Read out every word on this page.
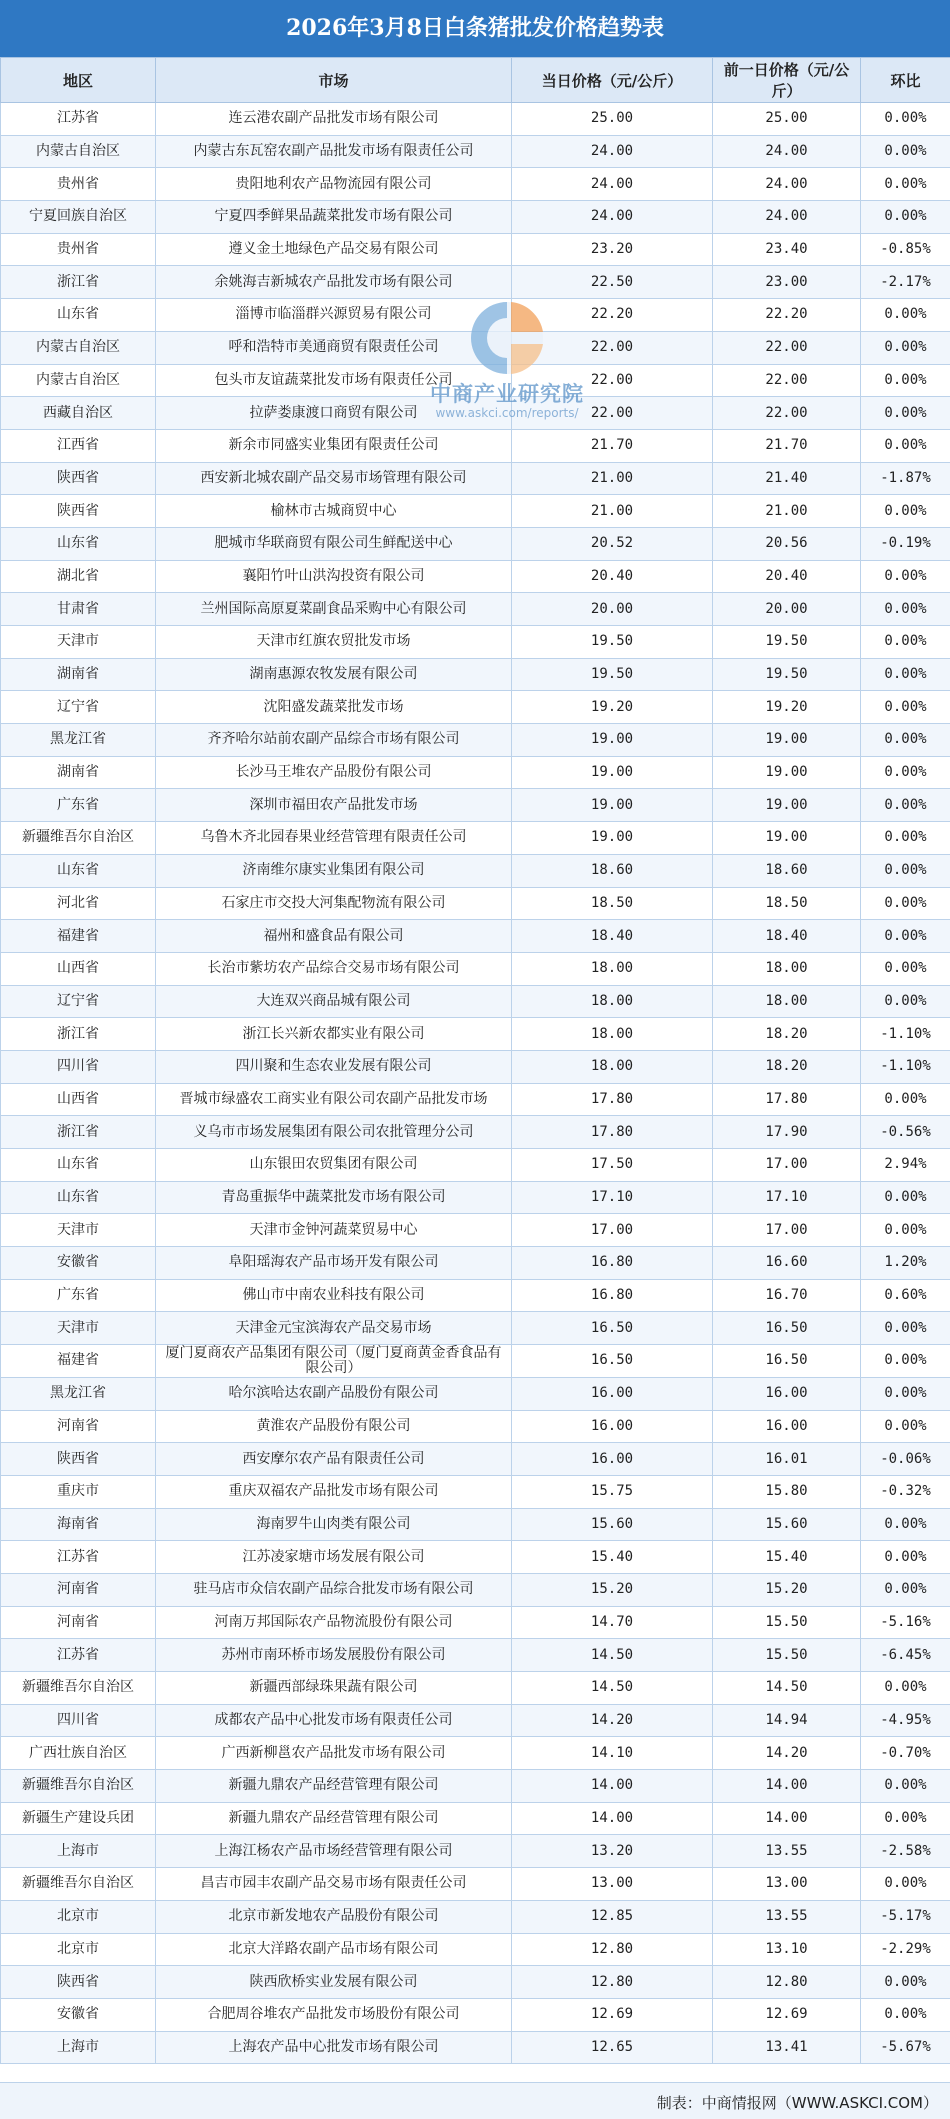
2026年3月8日白条猪批发价格趋势表
地区	市场	当日价格（元/公斤）	前一日价格（元/公斤）	环比
江苏省	连云港农副产品批发市场有限公司	25.00	25.00	0.00%
内蒙古自治区	内蒙古东瓦窑农副产品批发市场有限责任公司	24.00	24.00	0.00%
贵州省	贵阳地利农产品物流园有限公司	24.00	24.00	0.00%
宁夏回族自治区	宁夏四季鲜果品蔬菜批发市场有限公司	24.00	24.00	0.00%
贵州省	遵义金土地绿色产品交易有限公司	23.20	23.40	-0.85%
浙江省	余姚海吉新城农产品批发市场有限公司	22.50	23.00	-2.17%
山东省	淄博市临淄群兴源贸易有限公司	22.20	22.20	0.00%
内蒙古自治区	呼和浩特市美通商贸有限责任公司	22.00	22.00	0.00%
内蒙古自治区	包头市友谊蔬菜批发市场有限责任公司	22.00	22.00	0.00%
西藏自治区	拉萨娄康渡口商贸有限公司	22.00	22.00	0.00%
江西省	新余市同盛实业集团有限责任公司	21.70	21.70	0.00%
陕西省	西安新北城农副产品交易市场管理有限公司	21.00	21.40	-1.87%
陕西省	榆林市古城商贸中心	21.00	21.00	0.00%
山东省	肥城市华联商贸有限公司生鲜配送中心	20.52	20.56	-0.19%
湖北省	襄阳竹叶山洪沟投资有限公司	20.40	20.40	0.00%
甘肃省	兰州国际高原夏菜副食品采购中心有限公司	20.00	20.00	0.00%
天津市	天津市红旗农贸批发市场	19.50	19.50	0.00%
湖南省	湖南惠源农牧发展有限公司	19.50	19.50	0.00%
辽宁省	沈阳盛发蔬菜批发市场	19.20	19.20	0.00%
黑龙江省	齐齐哈尔站前农副产品综合市场有限公司	19.00	19.00	0.00%
湖南省	长沙马王堆农产品股份有限公司	19.00	19.00	0.00%
广东省	深圳市福田农产品批发市场	19.00	19.00	0.00%
新疆维吾尔自治区	乌鲁木齐北园春果业经营管理有限责任公司	19.00	19.00	0.00%
山东省	济南维尔康实业集团有限公司	18.60	18.60	0.00%
河北省	石家庄市交投大河集配物流有限公司	18.50	18.50	0.00%
福建省	福州和盛食品有限公司	18.40	18.40	0.00%
山西省	长治市紫坊农产品综合交易市场有限公司	18.00	18.00	0.00%
辽宁省	大连双兴商品城有限公司	18.00	18.00	0.00%
浙江省	浙江长兴新农都实业有限公司	18.00	18.20	-1.10%
四川省	四川聚和生态农业发展有限公司	18.00	18.20	-1.10%
山西省	晋城市绿盛农工商实业有限公司农副产品批发市场	17.80	17.80	0.00%
浙江省	义乌市市场发展集团有限公司农批管理分公司	17.80	17.90	-0.56%
山东省	山东银田农贸集团有限公司	17.50	17.00	2.94%
山东省	青岛重振华中蔬菜批发市场有限公司	17.10	17.10	0.00%
天津市	天津市金钟河蔬菜贸易中心	17.00	17.00	0.00%
安徽省	阜阳瑶海农产品市场开发有限公司	16.80	16.60	1.20%
广东省	佛山市中南农业科技有限公司	16.80	16.70	0.60%
天津市	天津金元宝滨海农产品交易市场	16.50	16.50	0.00%
福建省	厦门夏商农产品集团有限公司（厦门夏商黄金香食品有限公司）	16.50	16.50	0.00%
黑龙江省	哈尔滨哈达农副产品股份有限公司	16.00	16.00	0.00%
河南省	黄淮农产品股份有限公司	16.00	16.00	0.00%
陕西省	西安摩尔农产品有限责任公司	16.00	16.01	-0.06%
重庆市	重庆双福农产品批发市场有限公司	15.75	15.80	-0.32%
海南省	海南罗牛山肉类有限公司	15.60	15.60	0.00%
江苏省	江苏凌家塘市场发展有限公司	15.40	15.40	0.00%
河南省	驻马店市众信农副产品综合批发市场有限公司	15.20	15.20	0.00%
河南省	河南万邦国际农产品物流股份有限公司	14.70	15.50	-5.16%
江苏省	苏州市南环桥市场发展股份有限公司	14.50	15.50	-6.45%
新疆维吾尔自治区	新疆西部绿珠果蔬有限公司	14.50	14.50	0.00%
四川省	成都农产品中心批发市场有限责任公司	14.20	14.94	-4.95%
广西壮族自治区	广西新柳邕农产品批发市场有限公司	14.10	14.20	-0.70%
新疆维吾尔自治区	新疆九鼎农产品经营管理有限公司	14.00	14.00	0.00%
新疆生产建设兵团	新疆九鼎农产品经营管理有限公司	14.00	14.00	0.00%
上海市	上海江杨农产品市场经营管理有限公司	13.20	13.55	-2.58%
新疆维吾尔自治区	昌吉市园丰农副产品交易市场有限责任公司	13.00	13.00	0.00%
北京市	北京市新发地农产品股份有限公司	12.85	13.55	-5.17%
北京市	北京大洋路农副产品市场有限公司	12.80	13.10	-2.29%
陕西省	陕西欣桥实业发展有限公司	12.80	12.80	0.00%
安徽省	合肥周谷堆农产品批发市场股份有限公司	12.69	12.69	0.00%
上海市	上海农产品中心批发市场有限公司	12.65	13.41	-5.67%
中商产业研究院
www.askci.com/reports/
制表：中商情报网（WWW.ASKCI.COM）
